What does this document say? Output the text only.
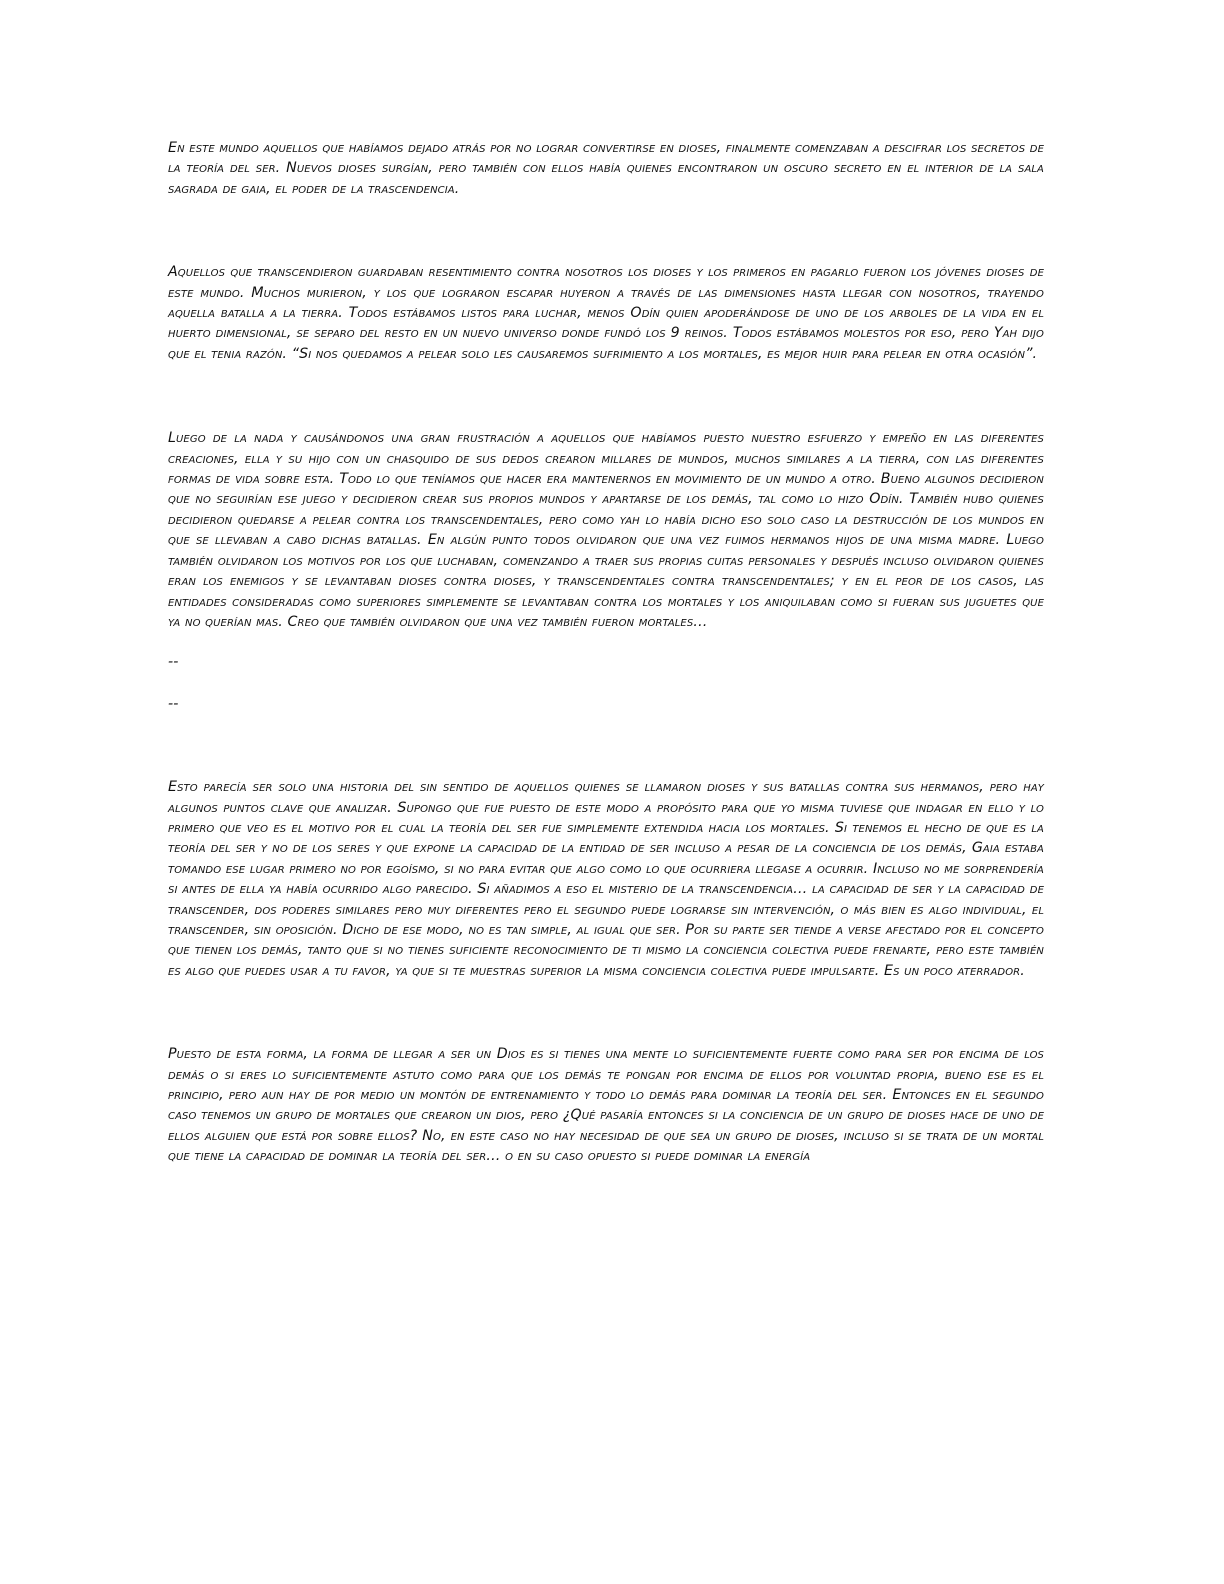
En este mundo aquellos que habíamos dejado atrás por no lograr convertirse en dioses, finalmente comenzaban a descifrar los secretos de la teoría del ser. Nuevos dioses surgían, pero también con ellos había quienes encontraron un oscuro secreto en el interior de la sala sagrada de gaia, el poder de la trascendencia.

Aquellos que transcendieron guardaban resentimiento contra nosotros los dioses y los primeros en pagarlo fueron los jóvenes dioses de este mundo. Muchos murieron, y los que lograron escapar huyeron a través de las dimensiones hasta llegar con nosotros, trayendo aquella batalla a la tierra. Todos estábamos listos para luchar, menos Odín quien apoderándose de uno de los arboles de la vida en el huerto dimensional, se separo del resto en un nuevo universo donde fundó los 9 reinos. Todos estábamos molestos por eso, pero Yah dijo que el tenia razón. “Si nos quedamos a pelear solo les causaremos sufrimiento a los mortales, es mejor huir para pelear en otra ocasión”.

Luego de la nada y causándonos una gran frustración a aquellos que habíamos puesto nuestro esfuerzo y empeño en las diferentes creaciones, ella y su hijo con un chasquido de sus dedos crearon millares de mundos, muchos similares a la tierra, con las diferentes formas de vida sobre esta. Todo lo que teníamos que hacer era mantenernos en movimiento de un mundo a otro. Bueno algunos decidieron que no seguirían ese juego y decidieron crear sus propios mundos y apartarse de los demás, tal como lo hizo Odín. También hubo quienes decidieron quedarse a pelear contra los transcendentales, pero como yah lo había dicho eso solo caso la destrucción de los mundos en que se llevaban a cabo dichas batallas. En algún punto todos olvidaron que una vez fuimos hermanos hijos de una misma madre. Luego también olvidaron los motivos por los que luchaban, comenzando a traer sus propias cuitas personales y después incluso olvidaron quienes eran los enemigos y se levantaban dioses contra dioses, y transcendentales contra transcendentales; y en el peor de los casos, las entidades consideradas como superiores simplemente se levantaban contra los mortales y los aniquilaban como si fueran sus juguetes que ya no querían mas. Creo que también olvidaron que una vez también fueron mortales…

--

--

Esto parecía ser solo una historia del sin sentido de aquellos quienes se llamaron dioses y sus batallas contra sus hermanos, pero hay algunos puntos clave que analizar. Supongo que fue puesto de este modo a propósito para que yo misma tuviese que indagar en ello y lo primero que veo es el motivo por el cual la teoría del ser fue simplemente extendida hacia los mortales. Si tenemos el hecho de que es la teoría del ser y no de los seres y que expone la capacidad de la entidad de ser incluso a pesar de la conciencia de los demás, Gaia estaba tomando ese lugar primero no por egoísmo, si no para evitar que algo como lo que ocurriera llegase a ocurrir. Incluso no me sorprendería si antes de ella ya había ocurrido algo parecido. Si añadimos a eso el misterio de la transcendencia… la capacidad de ser y la capacidad de transcender, dos poderes similares pero muy diferentes pero el segundo puede lograrse sin intervención, o más bien es algo individual, el transcender, sin oposición. Dicho de ese modo, no es tan simple, al igual que ser. Por su parte ser tiende a verse afectado por el concepto que tienen los demás, tanto que si no tienes suficiente reconocimiento de ti mismo la conciencia colectiva puede frenarte, pero este también es algo que puedes usar a tu favor, ya que si te muestras superior la misma conciencia colectiva puede impulsarte. Es un poco aterrador.

Puesto de esta forma, la forma de llegar a ser un Dios es si tienes una mente lo suficientemente fuerte como para ser por encima de los demás o si eres lo suficientemente astuto como para que los demás te pongan por encima de ellos por voluntad propia, bueno ese es el principio, pero aun hay de por medio un montón de entrenamiento y todo lo demás para dominar la teoría del ser. Entonces en el segundo caso tenemos un grupo de mortales que crearon un dios, pero ¿Qué pasaría entonces si la conciencia de un grupo de dioses hace de uno de ellos alguien que está por sobre ellos? No, en este caso no hay necesidad de que sea un grupo de dioses, incluso si se trata de un mortal que tiene la capacidad de dominar la teoría del ser… o en su caso opuesto si puede dominar la energía
